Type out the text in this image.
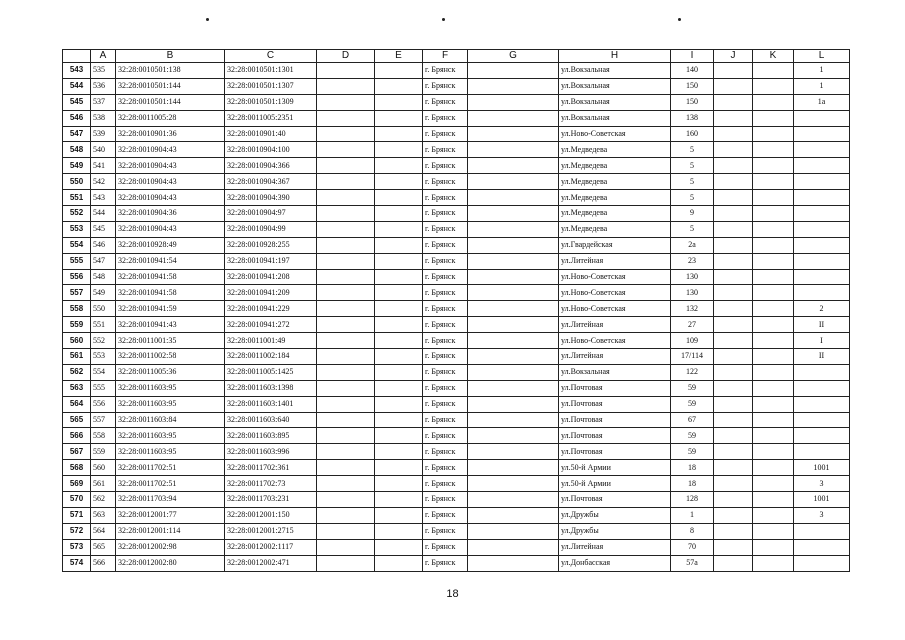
	A	B	C	D	E	F	G	H	I	J	K	L
543	535	32:28:0010501:138	32:28:0010501:1301			г. Брянск		ул.Вокзальная	140			1
544	536	32:28:0010501:144	32:28:0010501:1307			г. Брянск		ул.Вокзальная	150			1
545	537	32:28:0010501:144	32:28:0010501:1309			г. Брянск		ул.Вокзальная	150			1а
546	538	32:28:0011005:28	32:28:0011005:2351			г. Брянск		ул.Вокзальная	138			
547	539	32:28:0010901:36	32:28:0010901:40			г. Брянск		ул.Ново-Советская	160			
548	540	32:28:0010904:43	32:28:0010904:100			г. Брянск		ул.Медведева	5			
549	541	32:28:0010904:43	32:28:0010904:366			г. Брянск		ул.Медведева	5			
550	542	32:28:0010904:43	32:28:0010904:367			г. Брянск		ул.Медведева	5			
551	543	32:28:0010904:43	32:28:0010904:390			г. Брянск		ул.Медведева	5			
552	544	32:28:0010904:36	32:28:0010904:97			г. Брянск		ул.Медведева	9			
553	545	32:28:0010904:43	32:28:0010904:99			г. Брянск		ул.Медведева	5			
554	546	32:28:0010928:49	32:28:0010928:255			г. Брянск		ул.Гвардейская	2а			
555	547	32:28:0010941:54	32:28:0010941:197			г. Брянск		ул.Литейная	23			
556	548	32:28:0010941:58	32:28:0010941:208			г. Брянск		ул.Ново-Советская	130			
557	549	32:28:0010941:58	32:28:0010941:209			г. Брянск		ул.Ново-Советская	130			
558	550	32:28:0010941:59	32:28:0010941:229			г. Брянск		ул.Ново-Советская	132			2
559	551	32:28:0010941:43	32:28:0010941:272			г. Брянск		ул.Литейная	27			II
560	552	32:28:0011001:35	32:28:0011001:49			г. Брянск		ул.Ново-Советская	109			I
561	553	32:28:0011002:58	32:28:0011002:184			г. Брянск		ул.Литейная	17/114			II
562	554	32:28:0011005:36	32:28:0011005:1425			г. Брянск		ул.Вокзальная	122			
563	555	32:28:0011603:95	32:28:0011603:1398			г. Брянск		ул.Почтовая	59			
564	556	32:28:0011603:95	32:28:0011603:1401			г. Брянск		ул.Почтовая	59			
565	557	32:28:0011603:84	32:28:0011603:640			г. Брянск		ул.Почтовая	67			
566	558	32:28:0011603:95	32:28:0011603:895			г. Брянск		ул.Почтовая	59			
567	559	32:28:0011603:95	32:28:0011603:996			г. Брянск		ул.Почтовая	59			
568	560	32:28:0011702:51	32:28:0011702:361			г. Брянск		ул.50-й Армии	18			1001
569	561	32:28:0011702:51	32:28:0011702:73			г. Брянск		ул.50-й Армии	18			3
570	562	32:28:0011703:94	32:28:0011703:231			г. Брянск		ул.Почтовая	128			1001
571	563	32:28:0012001:77	32:28:0012001:150			г. Брянск		ул.Дружбы	1			3
572	564	32:28:0012001:114	32:28:0012001:2715			г. Брянск		ул.Дружбы	8			
573	565	32:28:0012002:98	32:28:0012002:1117			г. Брянск		ул.Литейная	70			
574	566	32:28:0012002:80	32:28:0012002:471			г. Брянск		ул.Донбасская	57а			
18
